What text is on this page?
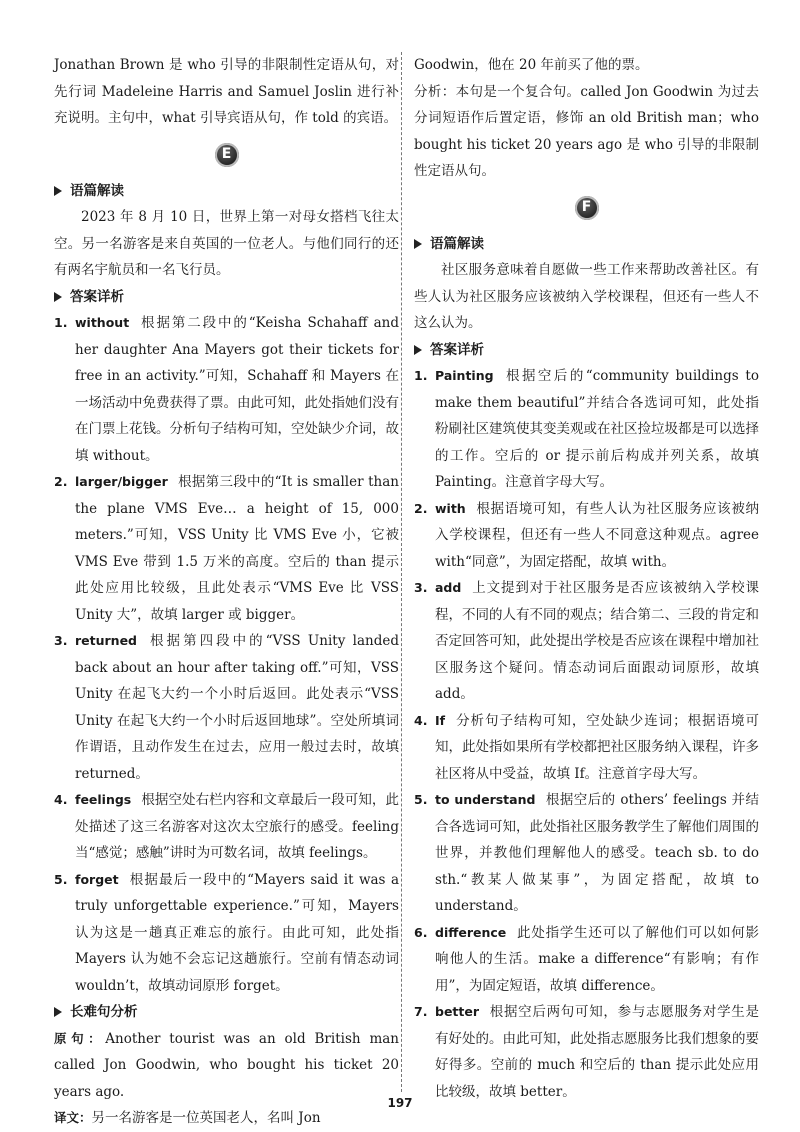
Jonathan Brown 是 who 引导的非限制性定语从句，对先行词 Madeleine Harris and Samuel Joslin 进行补充说明。主句中，what 引导宾语从句，作 told 的宾语。

E
语篇解读

2023 年 8 月 10 日，世界上第一对母女搭档飞往太空。另一名游客是来自英国的一位老人。与他们同行的还有两名宇航员和一名飞行员。

答案详析
1. without 根据第二段中的“Keisha Schahaff and her daughter Ana Mayers got their tickets for free in an activity.”可知，Schahaff 和 Mayers 在一场活动中免费获得了票。由此可知，此处指她们没有在门票上花钱。分析句子结构可知，空处缺少介词，故填 without。
2. larger/bigger 根据第三段中的“It is smaller than the plane VMS Eve… a height of 15, 000 meters.”可知，VSS Unity 比 VMS Eve 小，它被 VMS Eve 带到 1.5 万米的高度。空后的 than 提示此处应用比较级，且此处表示“VMS Eve 比 VSS Unity 大”，故填 larger 或 bigger。
3. returned 根据第四段中的“VSS Unity landed back about an hour after taking off.”可知，VSS Unity 在起飞大约一个小时后返回。此处表示“VSS Unity 在起飞大约一个小时后返回地球”。空处所填词作谓语，且动作发生在过去，应用一般过去时，故填 returned。
4. feelings 根据空处右栏内容和文章最后一段可知，此处描述了这三名游客对这次太空旅行的感受。feeling 当“感觉；感触”讲时为可数名词，故填 feelings。
5. forget 根据最后一段中的“Mayers said it was a truly unforgettable experience.”可知，Mayers 认为这是一趟真正难忘的旅行。由此可知，此处指 Mayers 认为她不会忘记这趟旅行。空前有情态动词 wouldn’t，故填动词原形 forget。
长难句分析

原句：Another tourist was an old British man called Jon Goodwin, who bought his ticket 20 years ago.

译文：另一名游客是一位英国老人，名叫 Jon

Goodwin，他在 20 年前买了他的票。

分析：本句是一个复合句。called Jon Goodwin 为过去分词短语作后置定语，修饰 an old British man；who bought his ticket 20 years ago 是 who 引导的非限制性定语从句。

F
语篇解读

社区服务意味着自愿做一些工作来帮助改善社区。有些人认为社区服务应该被纳入学校课程，但还有一些人不这么认为。

答案详析
1. Painting 根据空后的“community buildings to make them beautiful”并结合各选词可知，此处指粉刷社区建筑使其变美观或在社区捡垃圾都是可以选择的工作。空后的 or 提示前后构成并列关系，故填 Painting。注意首字母大写。
2. with 根据语境可知，有些人认为社区服务应该被纳入学校课程，但还有一些人不同意这种观点。agree with“同意”，为固定搭配，故填 with。
3. add 上文提到对于社区服务是否应该被纳入学校课程，不同的人有不同的观点；结合第二、三段的肯定和否定回答可知，此处提出学校是否应该在课程中增加社区服务这个疑问。情态动词后面跟动词原形，故填 add。
4. If 分析句子结构可知，空处缺少连词；根据语境可知，此处指如果所有学校都把社区服务纳入课程，许多社区将从中受益，故填 If。注意首字母大写。
5. to understand 根据空后的 others’ feelings 并结合各选词可知，此处指社区服务教学生了解他们周围的世界，并教他们理解他人的感受。teach sb. to do sth.“教某人做某事”，为固定搭配，故填 to understand。
6. difference 此处指学生还可以了解他们可以如何影响他人的生活。make a difference“有影响；有作用”，为固定短语，故填 difference。
7. better 根据空后两句可知，参与志愿服务对学生是有好处的。由此可知，此处指志愿服务比我们想象的要好得多。空前的 much 和空后的 than 提示此处应用比较级，故填 better。
197
